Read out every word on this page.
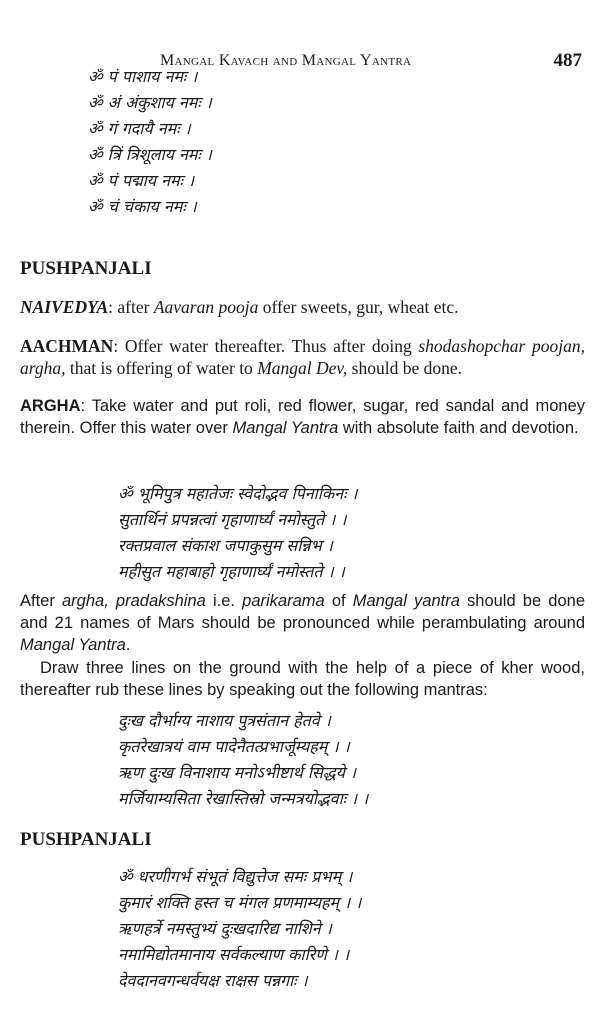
Mangal Kavach and Mangal Yantra	487
ॐ पं पाशाय नमः ।
ॐ अं अंकुशाय नमः ।
ॐ गं गदायै नमः ।
ॐ त्रिं त्रिशूलाय नमः ।
ॐ पं पद्माय नमः ।
ॐ चं चंकाय नमः ।
PUSHPANJALI
NAIVEDYA: after Aavaran pooja offer sweets, gur, wheat etc.
AACHMAN: Offer water thereafter. Thus after doing shodashopchar poojan, argha, that is offering of water to Mangal Dev, should be done.
ARGHA: Take water and put roli, red flower, sugar, red sandal and money therein. Offer this water over Mangal Yantra with absolute faith and devotion.
ॐ भूमिपुत्र महातेजः स्वेदोद्भव पिनाकिनः ।
सुतार्थिनं प्रपन्नत्वां गृहाणार्घ्यं नमोस्तुते । ।
रक्तप्रवाल संकाश जपाकुसुम सन्निभ ।
महीसुत महाबाहो गृहाणार्घ्यं नमोस्तते । ।
After argha, pradakshina i.e. parikarama of Mangal yantra should be done and 21 names of Mars should be pronounced while perambulating around Mangal Yantra.
Draw three lines on the ground with the help of a piece of kher wood, thereafter rub these lines by speaking out the following mantras:
दुःख दौर्भाग्य नाशाय पुत्रसंतान हेतवे ।
कृतरेखात्रयं वाम पादेनैतत्प्रभार्जूम्यहम् । ।
ऋण दुःख विनाशाय मनोऽभीष्टार्थ सिद्धये ।
मर्जियाम्यसिता रेखास्तिस्रो जन्मत्रयोद्भवाः । ।
PUSHPANJALI
ॐ धरणीगर्भ संभूतं विद्युत्तेज समः प्रभम् ।
कुमारं शक्ति हस्त च मंगल प्रणमाम्यहम् । ।
ऋणहर्त्रे नमस्तुभ्यं दुःखदारिद्य नाशिने ।
नमामिद्योतमानाय सर्वकल्याण कारिणे । ।
देवदानवगन्धर्वयक्ष राक्षस पन्नगाः ।
